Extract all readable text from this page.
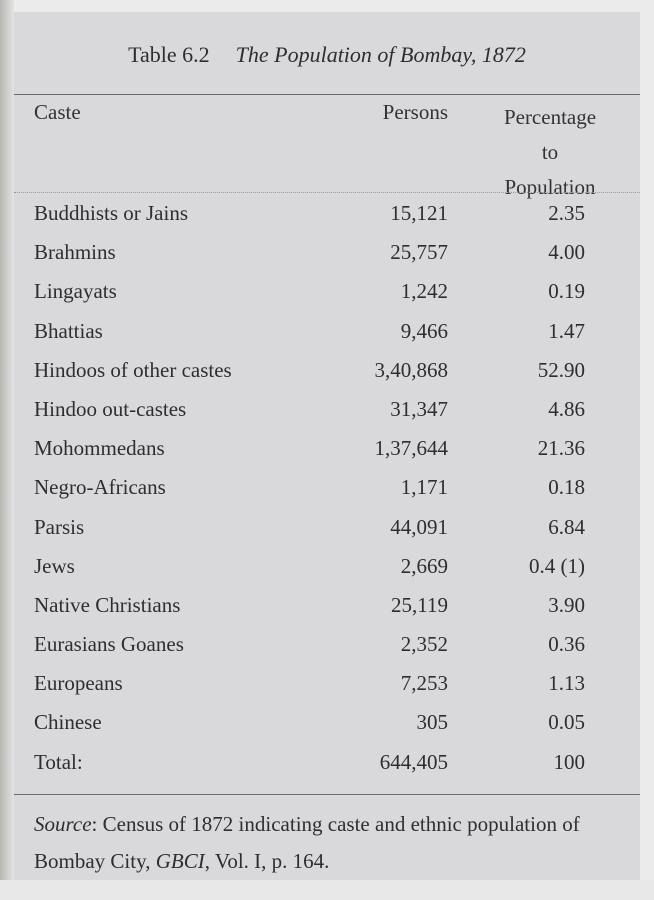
Table 6.2 The Population of Bombay, 1872
Caste	Persons	Percentage
to
Population
Buddhists or Jains	15,121	2.35
Brahmins	25,757	4.00
Lingayats	1,242	0.19
Bhattias	9,466	1.47
Hindoos of other castes	3,40,868	52.90
Hindoo out-castes	31,347	4.86
Mohommedans	1,37,644	21.36
Negro-Africans	1,171	0.18
Parsis	44,091	6.84
Jews	2,669	0.4 (1)
Native Christians	25,119	3.90
Eurasians Goanes	2,352	0.36
Europeans	7,253	1.13
Chinese	305	0.05
Total:	644,405	100
Source: Census of 1872 indicating caste and ethnic population of Bombay City, GBCI, Vol. I, p. 164.
